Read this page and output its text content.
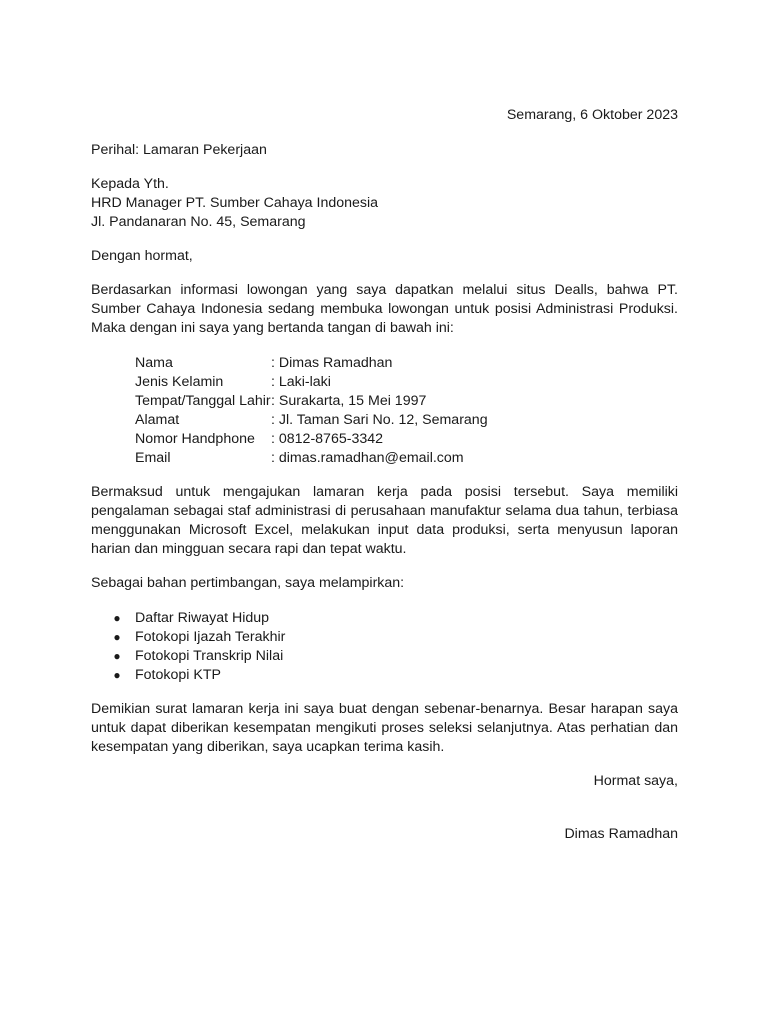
Semarang, 6 Oktober 2023

Perihal: Lamaran Pekerjaan

Kepada Yth.

HRD Manager PT. Sumber Cahaya Indonesia

Jl. Pandanaran No. 45, Semarang

Dengan hormat,

Berdasarkan informasi lowongan yang saya dapatkan melalui situs Dealls, bahwa PT. Sumber Cahaya Indonesia sedang membuka lowongan untuk posisi Administrasi Produksi. Maka dengan ini saya yang bertanda tangan di bawah ini:

Nama	: Dimas Ramadhan
Jenis Kelamin	: Laki-laki
Tempat/Tanggal Lahir	: Surakarta, 15 Mei 1997
Alamat	: Jl. Taman Sari No. 12, Semarang
Nomor Handphone	: 0812-8765-3342
Email	: dimas.ramadhan@email.com

Bermaksud untuk mengajukan lamaran kerja pada posisi tersebut. Saya memiliki pengalaman sebagai staf administrasi di perusahaan manufaktur selama dua tahun, terbiasa menggunakan Microsoft Excel, melakukan input data produksi, serta menyusun laporan harian dan mingguan secara rapi dan tepat waktu.

Sebagai bahan pertimbangan, saya melampirkan:

● Daftar Riwayat Hidup
● Fotokopi Ijazah Terakhir
● Fotokopi Transkrip Nilai
● Fotokopi KTP

Demikian surat lamaran kerja ini saya buat dengan sebenar-benarnya. Besar harapan saya untuk dapat diberikan kesempatan mengikuti proses seleksi selanjutnya. Atas perhatian dan kesempatan yang diberikan, saya ucapkan terima kasih.

Hormat saya,

Dimas Ramadhan
